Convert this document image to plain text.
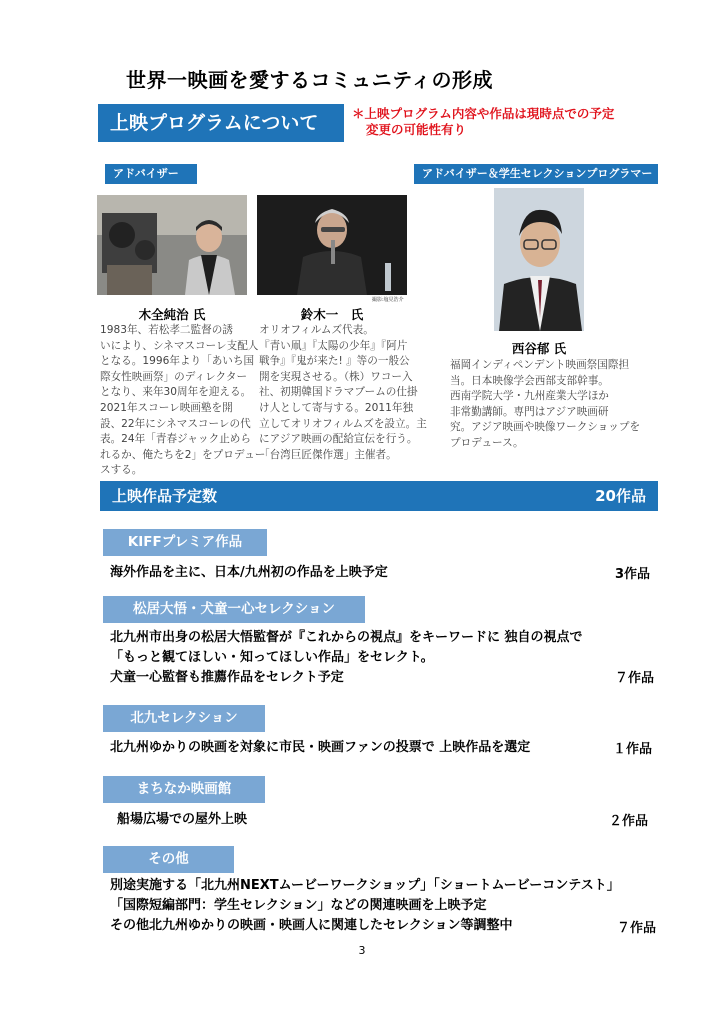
世界一映画を愛するコミュニティの形成
上映プログラムについて	＊上映プログラム内容や作品は現時点での予定
変更の可能性有り
アドバイザー	アドバイザー＆学生セレクションプログラマー
撮影:塩見浩介
木全純治 氏	鈴木一　氏
西谷郁 氏
1983年、若松孝二監督の誘
いにより、シネマスコーレ支配人
となる。1996年より「あいち国
際女性映画祭」のディレクター
となり、来年30周年を迎える。
2021年スコーレ映画塾を開
設、22年にシネマスコーレの代
表。24年「青春ジャック止めら
れるか、俺たちを2」をプロデュー
スする。
オリオフィルムズ代表。
『青い凧』『太陽の少年』『阿片
戦争』『鬼が来た! 』等の一般公
開を実現させる。（株）ワコー入
社、初期韓国ドラマブームの仕掛
け人として寄与する。2011年独
立してオリオフィルムズを設立。主
にアジア映画の配給宣伝を行う。
「台湾巨匠傑作選」主催者。
福岡インディペンデント映画祭国際担
当。日本映像学会西部支部幹事。
西南学院大学・九州産業大学ほか
非常勤講師。専門はアジア映画研
究。アジア映画や映像ワークショップを
プロデュース。
上映作品予定数	20作品
KIFFプレミア作品
海外作品を主に、日本/九州初の作品を上映予定	3作品
松居大悟・犬童一心セレクション
北九州市出身の松居大悟監督が『これからの視点』をキーワードに 独自の視点で
「もっと観てほしい・知ってほしい作品」をセレクト。
犬童一心監督も推薦作品をセレクト予定	７作品
北九セレクション
北九州ゆかりの映画を対象に市民・映画ファンの投票で 上映作品を選定	１作品
まちなか映画館
船場広場での屋外上映	２作品
その他
別途実施する「北九州NEXTムービーワークショップ」「ショートムービーコンテスト」
「国際短編部門：学生セレクション」などの関連映画を上映予定
その他北九州ゆかりの映画・映画人に関連したセレクション等調整中	７作品
3
